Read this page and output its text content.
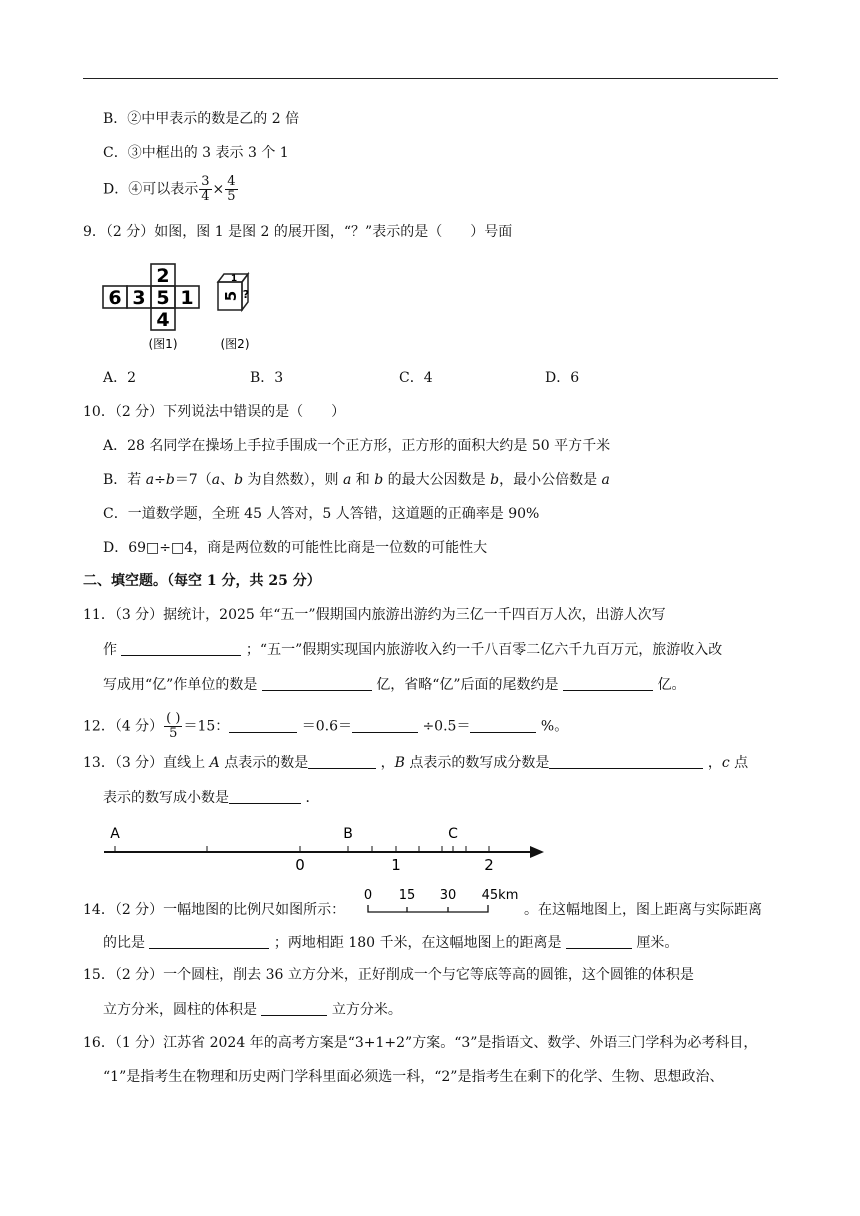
B．②中甲表示的数是乙的 2 倍
C．③中框出的 3 表示 3 个 1
D．④可以表示 $\frac{3}{4} \times \frac{4}{5}$
9．（2 分）如图，图 1 是图 2 的展开图，“？”表示的是（　　）号面
6 3 5 1
2
4
5
1
?
(图1)	(图2)
A．2	B．3	C．4	D．6
10．（2 分）下列说法中错误的是（　　）
A．28 名同学在操场上手拉手围成一个正方形，正方形的面积大约是 50 平方千米
B．若 a÷b＝7（a、b 为自然数），则 a 和 b 的最大公因数是 b，最小公倍数是 a
C．一道数学题，全班 45 人答对，5 人答错，这道题的正确率是 90%
D．69□÷□4，商是两位数的可能性比商是一位数的可能性大
二、填空题。（每空 1 分，共 25 分）
11．（3 分）据统计，2025 年“五一”假期国内旅游出游约为三亿一千四百万人次，出游人次写
作	；“五一”假期实现国内旅游收入约一千八百零二亿六千九百万元，旅游收入改
写成用“亿”作单位的数是	亿，省略“亿”后面的尾数约是	亿。
12．（4 分） $\frac{( )}{5} =15$：	＝0.6＝	÷0.5＝	%。
13．（3 分）直线上 A 点表示的数是	，B 点表示的数写成分数是	，c 点
表示的数写成小数是	．
A	B	C
0	1	2
14．（2 分）一幅地图的比例尺如图所示：
0 15 30 45km
。在这幅地图上，图上距离与实际距离
的比是	；两地相距 180 千米，在这幅地图上的距离是	厘米。
15．（2 分）一个圆柱，削去 36 立方分米，正好削成一个与它等底等高的圆锥，这个圆锥的体积是
立方分米，圆柱的体积是	立方分米。
16．（1 分）江苏省 2024 年的高考方案是“3+1+2”方案。“3”是指语文、数学、外语三门学科为必考科目，
“1”是指考生在物理和历史两门学科里面必须选一科，“2”是指考生在剩下的化学、生物、思想政治、
